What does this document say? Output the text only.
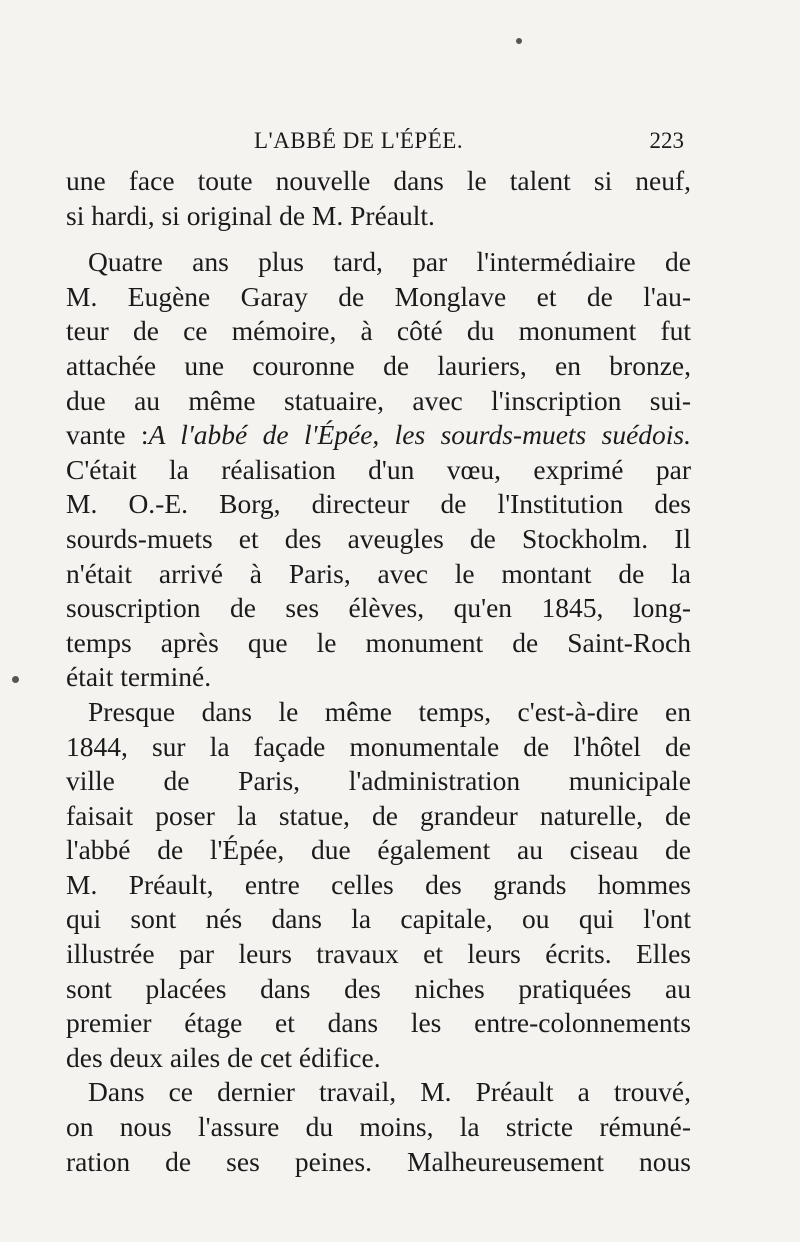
L'ABBÉ DE L'ÉPÉE.	223
une face toute nouvelle dans le talent si neuf,
si hardi, si original de M. Préault.
Quatre ans plus tard, par l'intermédiaire de
M. Eugène Garay de Monglave et de l'au-
teur de ce mémoire, à côté du monument fut
attachée une couronne de lauriers, en bronze,
due au même statuaire, avec l'inscription sui-
vante :A l'abbé de l'Épée, les sourds-muets suédois.
C'était la réalisation d'un vœu, exprimé par
M. O.-E. Borg, directeur de l'Institution des
sourds-muets et des aveugles de Stockholm. Il
n'était arrivé à Paris, avec le montant de la
souscription de ses élèves, qu'en 1845, long-
temps après que le monument de Saint-Roch
était terminé.
Presque dans le même temps, c'est-à-dire en
1844, sur la façade monumentale de l'hôtel de
ville de Paris, l'administration municipale
faisait poser la statue, de grandeur naturelle, de
l'abbé de l'Épée, due également au ciseau de
M. Préault, entre celles des grands hommes
qui sont nés dans la capitale, ou qui l'ont
illustrée par leurs travaux et leurs écrits. Elles
sont placées dans des niches pratiquées au
premier étage et dans les entre-colonnements
des deux ailes de cet édifice.
Dans ce dernier travail, M. Préault a trouvé,
on nous l'assure du moins, la stricte rémuné-
ration de ses peines. Malheureusement nous
